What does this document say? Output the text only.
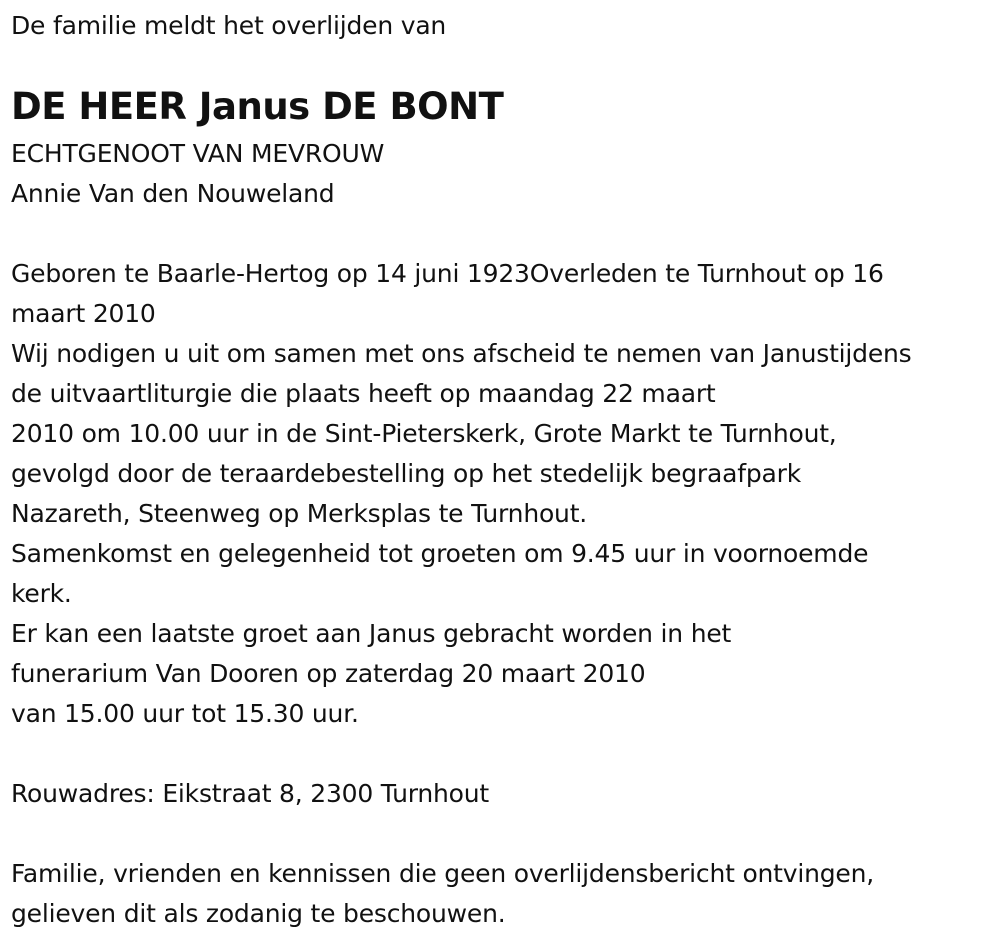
De familie meldt het overlijden van
DE HEER Janus DE BONT
ECHTGENOOT VAN MEVROUW
Annie Van den Nouweland
Geboren te Baarle-Hertog op 14 juni 1923Overleden te Turnhout op 16
maart 2010
Wij nodigen u uit om samen met ons afscheid te nemen van Janustijdens
de uitvaartliturgie die plaats heeft op maandag 22 maart
2010 om 10.00 uur in de Sint-Pieterskerk, Grote Markt te Turnhout,
gevolgd door de teraardebestelling op het stedelijk begraafpark
Nazareth, Steenweg op Merksplas te Turnhout.
Samenkomst en gelegenheid tot groeten om 9.45 uur in voornoemde
kerk.
Er kan een laatste groet aan Janus gebracht worden in het
funerarium Van Dooren op zaterdag 20 maart 2010
van 15.00 uur tot 15.30 uur.
Rouwadres: Eikstraat 8, 2300 Turnhout
Familie, vrienden en kennissen die geen overlijdensbericht ontvingen,
gelieven dit als zodanig te beschouwen.
